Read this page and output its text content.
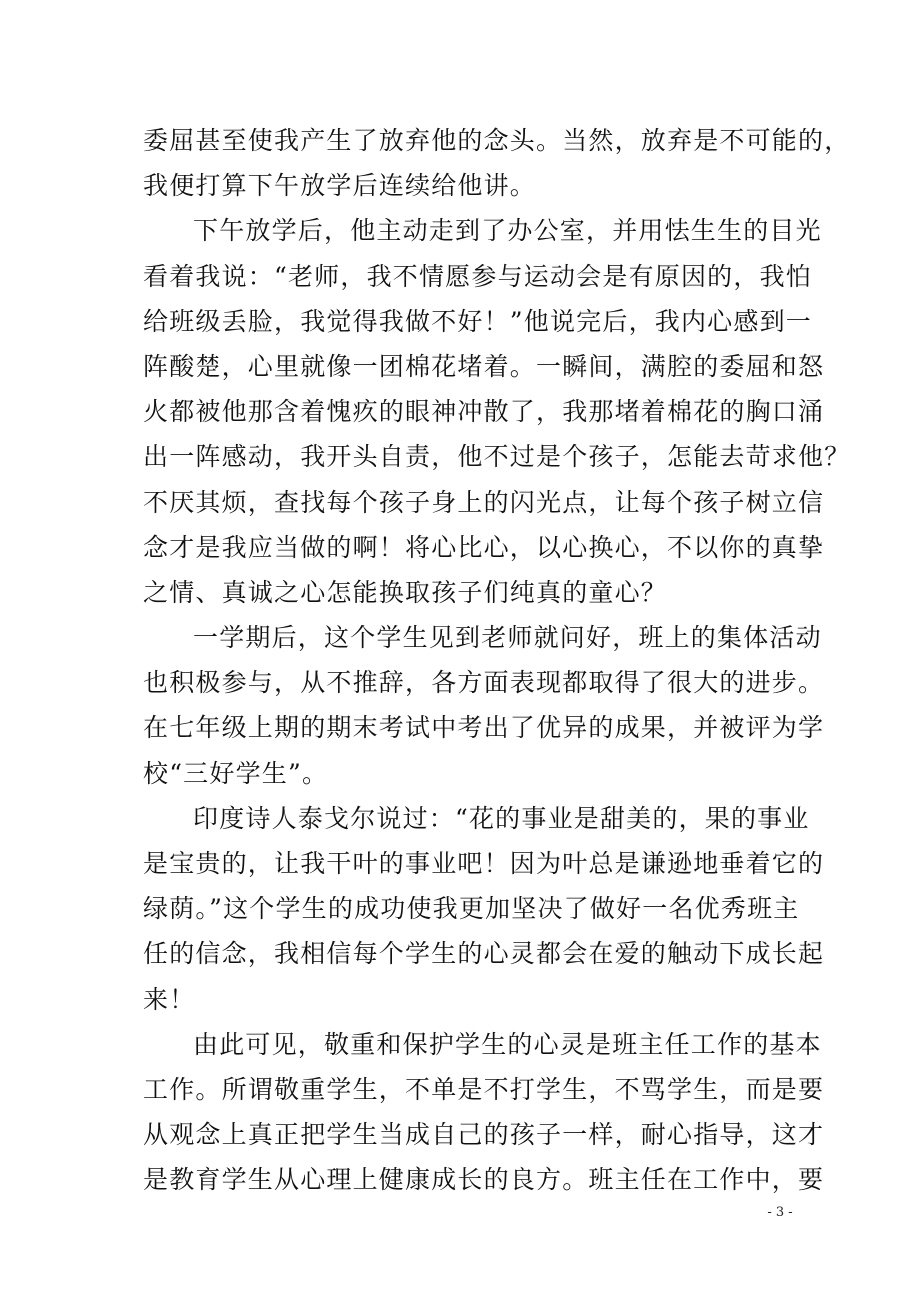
委屈甚至使我产生了放弃他的念头。当然，放弃是不可能的，
我便打算下午放学后连续给他讲。
下午放学后，他主动走到了办公室，并用怯生生的目光
看着我说：“老师，我不情愿参与运动会是有原因的，我怕
给班级丢脸，我觉得我做不好！”他说完后，我内心感到一
阵酸楚，心里就像一团棉花堵着。一瞬间，满腔的委屈和怒
火都被他那含着愧疚的眼神冲散了，我那堵着棉花的胸口涌
出一阵感动，我开头自责，他不过是个孩子，怎能去苛求他？
不厌其烦，查找每个孩子身上的闪光点，让每个孩子树立信
念才是我应当做的啊！将心比心，以心换心，不以你的真挚
之情、真诚之心怎能换取孩子们纯真的童心？
一学期后，这个学生见到老师就问好，班上的集体活动
也积极参与，从不推辞，各方面表现都取得了很大的进步。
在七年级上期的期末考试中考出了优异的成果，并被评为学
校“三好学生”。
印度诗人泰戈尔说过：“花的事业是甜美的，果的事业
是宝贵的，让我干叶的事业吧！因为叶总是谦逊地垂着它的
绿荫。”这个学生的成功使我更加坚决了做好一名优秀班主
任的信念，我相信每个学生的心灵都会在爱的触动下成长起
来！
由此可见，敬重和保护学生的心灵是班主任工作的基本
工作。所谓敬重学生，不单是不打学生，不骂学生，而是要
从观念上真正把学生当成自己的孩子一样，耐心指导，这才
是教育学生从心理上健康成长的良方。班主任在工作中，要
- 3 -
